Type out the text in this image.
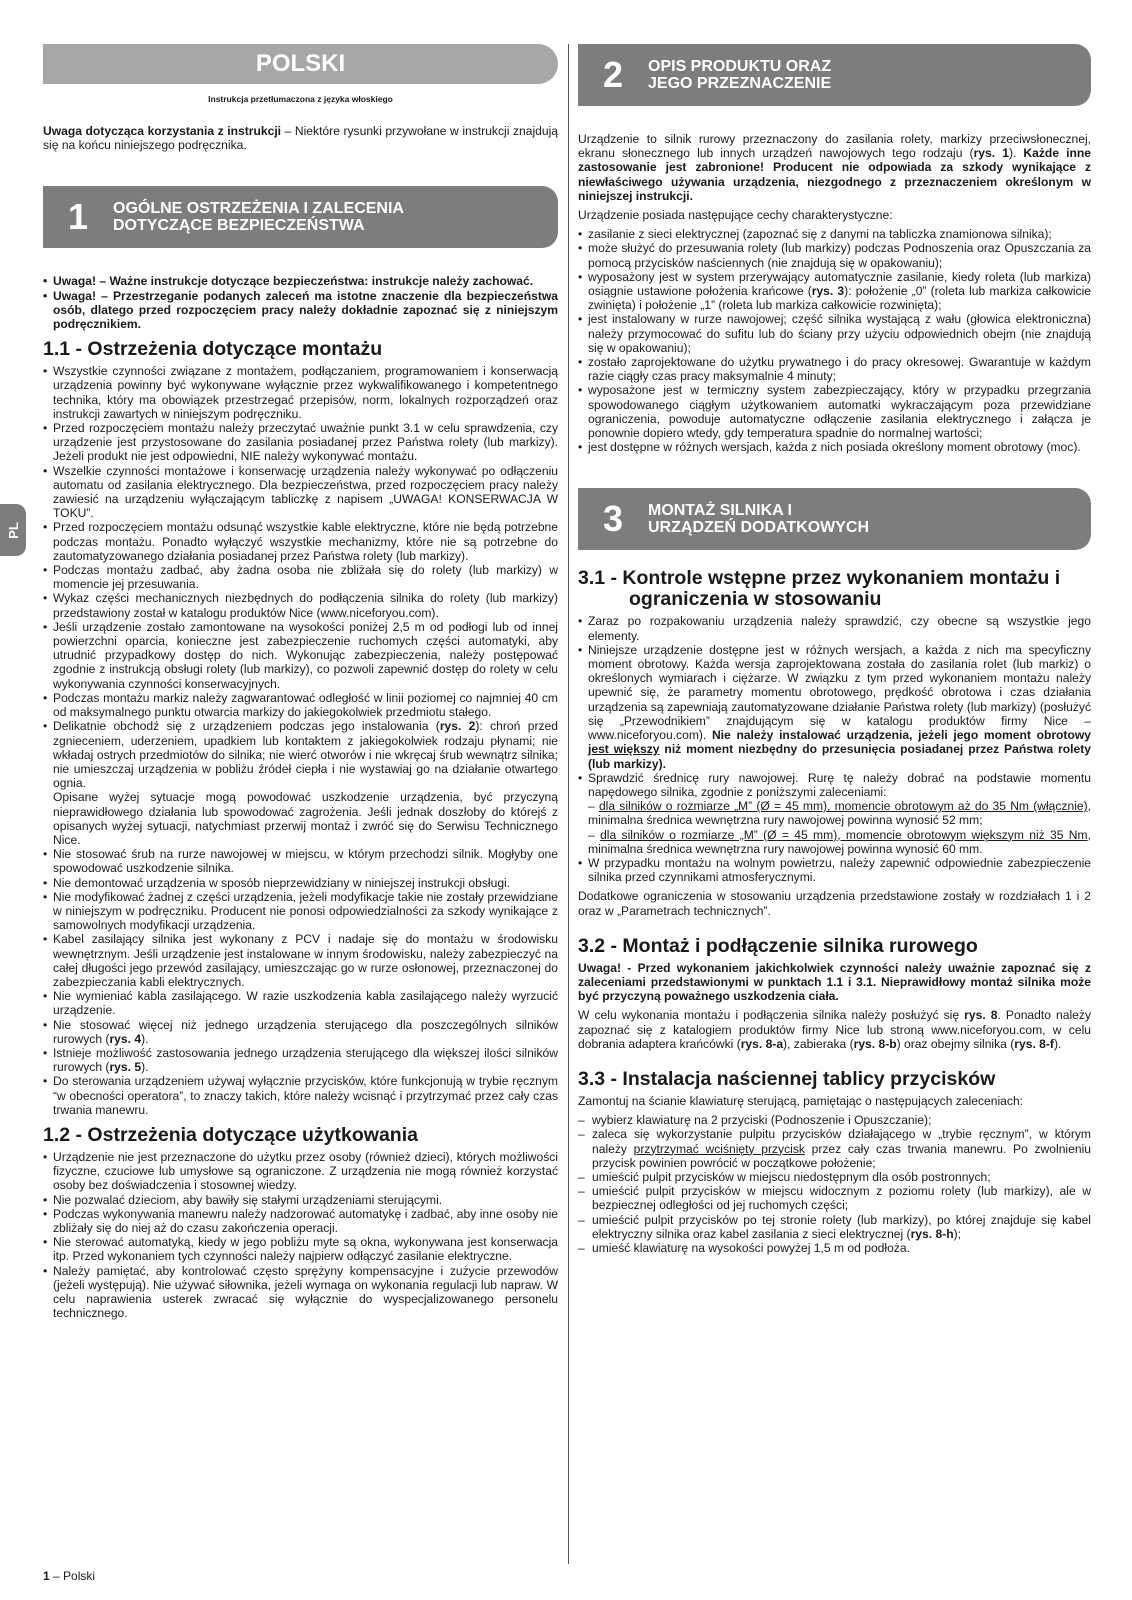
PL
POLSKI
Instrukcja przetłumaczona z języka włoskiego

Uwaga dotycząca korzystania z instrukcji – Niektóre rysunki przywołane w instrukcji znajdują się na końcu niniejszego podręcznika.

1	OGÓLNE OSTRZEŻENIA I ZALECENIA
DOTYCZĄCE BEZPIECZEŃSTWA
• Uwaga! – Ważne instrukcje dotyczące bezpieczeństwa: instrukcje należy zachować.
• Uwaga! – Przestrzeganie podanych zaleceń ma istotne znaczenie dla bezpieczeństwa osób, dlatego przed rozpoczęciem pracy należy dokładnie zapoznać się z niniejszym podręcznikiem.
1.1 - Ostrzeżenia dotyczące montażu
• Wszystkie czynności związane z montażem, podłączaniem, programowaniem i konserwacją urządzenia powinny być wykonywane wyłącznie przez wykwalifikowanego i kompetentnego technika, który ma obowiązek przestrzegać przepisów, norm, lokalnych rozporządzeń oraz instrukcji zawartych w niniejszym podręczniku.
• Przed rozpoczęciem montażu należy przeczytać uważnie punkt 3.1 w celu sprawdzenia, czy urządzenie jest przystosowane do zasilania posiadanej przez Państwa rolety (lub markizy). Jeżeli produkt nie jest odpowiedni, NIE należy wykonywać montażu.
• Wszelkie czynności montażowe i konserwację urządzenia należy wykonywać po odłączeniu automatu od zasilania elektrycznego. Dla bezpieczeństwa, przed rozpoczęciem pracy należy zawiesić na urządzeniu wyłączającym tabliczkę z napisem „UWAGA! KONSERWACJA W TOKU”.
• Przed rozpoczęciem montażu odsunąć wszystkie kable elektryczne, które nie będą potrzebne podczas montażu. Ponadto wyłączyć wszystkie mechanizmy, które nie są potrzebne do zautomatyzowanego działania posiadanej przez Państwa rolety (lub markizy).
• Podczas montażu zadbać, aby żadna osoba nie zbliżała się do rolety (lub markizy) w momencie jej przesuwania.
• Wykaz części mechanicznych niezbędnych do podłączenia silnika do rolety (lub markizy) przedstawiony został w katalogu produktów Nice (www.niceforyou.com).
• Jeśli urządzenie zostało zamontowane na wysokości poniżej 2,5 m od podłogi lub od innej powierzchni oparcia, konieczne jest zabezpieczenie ruchomych części automatyki, aby utrudnić przypadkowy dostęp do nich. Wykonując zabezpieczenia, należy postępować zgodnie z instrukcją obsługi rolety (lub markizy), co pozwoli zapewnić dostęp do rolety w celu wykonywania czynności konserwacyjnych.
• Podczas montażu markiz należy zagwarantować odległość w linii poziomej co najmniej 40 cm od maksymalnego punktu otwarcia markizy do jakiegokolwiek przedmiotu stałego.
• Delikatnie obchodź się z urządzeniem podczas jego instalowania (rys. 2): chroń przed zgnieceniem, uderzeniem, upadkiem lub kontaktem z jakiegokolwiek rodzaju płynami; nie wkładaj ostrych przedmiotów do silnika; nie wierć otworów i nie wkręcaj śrub wewnątrz silnika; nie umieszczaj urządzenia w pobliżu źródeł ciepła i nie wystawiaj go na działanie otwartego ognia.
Opisane wyżej sytuacje mogą powodować uszkodzenie urządzenia, być przyczyną nieprawidłowego działania lub spowodować zagrożenia. Jeśli jednak doszłoby do którejś z opisanych wyżej sytuacji, natychmiast przerwij montaż i zwróć się do Serwisu Technicznego Nice.
• Nie stosować śrub na rurze nawojowej w miejscu, w którym przechodzi silnik. Mogłyby one spowodować uszkodzenie silnika.
• Nie demontować urządzenia w sposób nieprzewidziany w niniejszej instrukcji obsługi.
• Nie modyfikować żadnej z części urządzenia, jeżeli modyfikacje takie nie zostały przewidziane w niniejszym w podręczniku. Producent nie ponosi odpowiedzialności za szkody wynikające z samowolnych modyfikacji urządzenia.
• Kabel zasilający silnika jest wykonany z PCV i nadaje się do montażu w środowisku wewnętrznym. Jeśli urządzenie jest instalowane w innym środowisku, należy zabezpieczyć na całej długości jego przewód zasilający, umieszczając go w rurze osłonowej, przeznaczonej do zabezpieczania kabli elektrycznych.
• Nie wymieniać kabla zasilającego. W razie uszkodzenia kabla zasilającego należy wyrzucić urządzenie.
• Nie stosować więcej niż jednego urządzenia sterującego dla poszczególnych silników rurowych (rys. 4).
• Istnieje możliwość zastosowania jednego urządzenia sterującego dla większej ilości silników rurowych (rys. 5).
• Do sterowania urządzeniem używaj wyłącznie przycisków, które funkcjonują w trybie ręcznym “w obecności operatora”, to znaczy takich, które należy wcisnąć i przytrzymać przez cały czas trwania manewru.
1.2 - Ostrzeżenia dotyczące użytkowania
• Urządzenie nie jest przeznaczone do użytku przez osoby (również dzieci), których możliwości fizyczne, czuciowe lub umysłowe są ograniczone. Z urządzenia nie mogą również korzystać osoby bez doświadczenia i stosownej wiedzy.
• Nie pozwalać dzieciom, aby bawiły się stałymi urządzeniami sterującymi.
• Podczas wykonywania manewru należy nadzorować automatykę i zadbać, aby inne osoby nie zbliżały się do niej aż do czasu zakończenia operacji.
• Nie sterować automatyką, kiedy w jego pobliżu myte są okna, wykonywana jest konserwacja itp. Przed wykonaniem tych czynności należy najpierw odłączyć zasilanie elektryczne.
• Należy pamiętać, aby kontrolować często sprężyny kompensacyjne i zużycie przewodów (jeżeli występują). Nie używać siłownika, jeżeli wymaga on wykonania regulacji lub napraw. W celu naprawienia usterek zwracać się wyłącznie do wyspecjalizowanego personelu technicznego.
2	OPIS PRODUKTU ORAZ
JEGO PRZEZNACZENIE

Urządzenie to silnik rurowy przeznaczony do zasilania rolety, markizy przeciwsłonecznej, ekranu słonecznego lub innych urządzeń nawojowych tego rodzaju (rys. 1). Każde inne zastosowanie jest zabronione! Producent nie odpowiada za szkody wynikające z niewłaściwego używania urządzenia, niezgodnego z przeznaczeniem określonym w niniejszej instrukcji.

Urządzenie posiada następujące cechy charakterystyczne:

• zasilanie z sieci elektrycznej (zapoznać się z danymi na tabliczka znamionowa silnika);
• może służyć do przesuwania rolety (lub markizy) podczas Podnoszenia oraz Opuszczania za pomocą przycisków naściennych (nie znajdują się w opakowaniu);
• wyposażony jest w system przerywający automatycznie zasilanie, kiedy roleta (lub markiza) osiągnie ustawione położenia krańcowe (rys. 3): położenie „0” (roleta lub markiza całkowicie zwinięta) i położenie „1” (roleta lub markiza całkowicie rozwinięta);
• jest instalowany w rurze nawojowej; część silnika wystającą z wału (głowica elektroniczna) należy przymocować do sufitu lub do ściany przy użyciu odpowiednich obejm (nie znajdują się w opakowaniu);
• zostało zaprojektowane do użytku prywatnego i do pracy okresowej. Gwarantuje w każdym razie ciągły czas pracy maksymalnie 4 minuty;
• wyposażone jest w termiczny system zabezpieczający, który w przypadku przegrzania spowodowanego ciągłym użytkowaniem automatki wykraczającym poza przewidziane ograniczenia, powoduje automatyczne odłączenie zasilania elektrycznego i załącza je ponownie dopiero wtedy, gdy temperatura spadnie do normalnej wartości;
• jest dostępne w różnych wersjach, każda z nich posiada określony moment obrotowy (moc).
3	MONTAŻ SILNIKA I
URZĄDZEŃ DODATKOWYCH
3.1 - Kontrole wstępne przez wykonaniem montażu i ograniczenia w stosowaniu
• Zaraz po rozpakowaniu urządzenia należy sprawdzić, czy obecne są wszystkie jego elementy.
• Niniejsze urządzenie dostępne jest w różnych wersjach, a każda z nich ma specyficzny moment obrotowy. Każda wersja zaprojektowana została do zasilania rolet (lub markiz) o określonych wymiarach i ciężarze. W związku z tym przed wykonaniem montażu należy upewnić się, że parametry momentu obrotowego, prędkość obrotowa i czas działania urządzenia są zapewniają zautomatyzowane działanie Państwa rolety (lub markizy) (posłużyć się „Przewodnikiem” znajdującym się w katalogu produktów firmy Nice – www.niceforyou.com). Nie należy instalować urządzenia, jeżeli jego moment obrotowy jest większy niż moment niezbędny do przesunięcia posiadanej przez Państwa rolety (lub markizy).
• Sprawdzić średnicę rury nawojowej. Rurę tę należy dobrać na podstawie momentu napędowego silnika, zgodnie z poniższymi zaleceniami:
– dla silników o rozmiarze „M” (Ø = 45 mm), momencie obrotowym aż do 35 Nm (włącznie), minimalna średnica wewnętrzna rury nawojowej powinna wynosić 52 mm;
– dla silników o rozmiarze „M” (Ø = 45 mm), momencie obrotowym większym niż 35 Nm, minimalna średnica wewnętrzna rury nawojowej powinna wynosić 60 mm.
• W przypadku montażu na wolnym powietrzu, należy zapewnić odpowiednie zabezpieczenie silnika przed czynnikami atmosferycznymi.

Dodatkowe ograniczenia w stosowaniu urządzenia przedstawione zostały w rozdziałach 1 i 2 oraz w „Parametrach technicznych”.

3.2 - Montaż i podłączenie silnika rurowego

Uwaga! - Przed wykonaniem jakichkolwiek czynności należy uważnie zapoznać się z zaleceniami przedstawionymi w punktach 1.1 i 3.1. Nieprawidłowy montaż silnika może być przyczyną poważnego uszkodzenia ciała.

W celu wykonania montażu i podłączenia silnika należy posłużyć się rys. 8. Ponadto należy zapoznać się z katalogiem produktów firmy Nice lub stroną www.niceforyou.com, w celu dobrania adaptera krańcówki (rys. 8-a), zabieraka (rys. 8-b) oraz obejmy silnika (rys. 8-f).

3.3 - Instalacja naściennej tablicy przycisków

Zamontuj na ścianie klawiaturę sterującą, pamiętając o następujących zaleceniach:

– wybierz klawiaturę na 2 przyciski (Podnoszenie i Opuszczanie);
– zaleca się wykorzystanie pulpitu przycisków działającego w „trybie ręcznym”, w którym należy przytrzymać wciśnięty przycisk przez cały czas trwania manewru. Po zwolnieniu przycisk powinien powrócić w początkowe położenie;
– umieścić pulpit przycisków w miejscu niedostępnym dla osób postronnych;
– umieścić pulpit przycisków w miejscu widocznym z poziomu rolety (lub markizy), ale w bezpiecznej odległości od jej ruchomych części;
– umieścić pulpit przycisków po tej stronie rolety (lub markizy), po której znajduje się kabel elektryczny silnika oraz kabel zasilania z sieci elektrycznej (rys. 8-h);
– umieść klawiaturę na wysokości powyżej 1,5 m od podłoża.
1 – Polski
